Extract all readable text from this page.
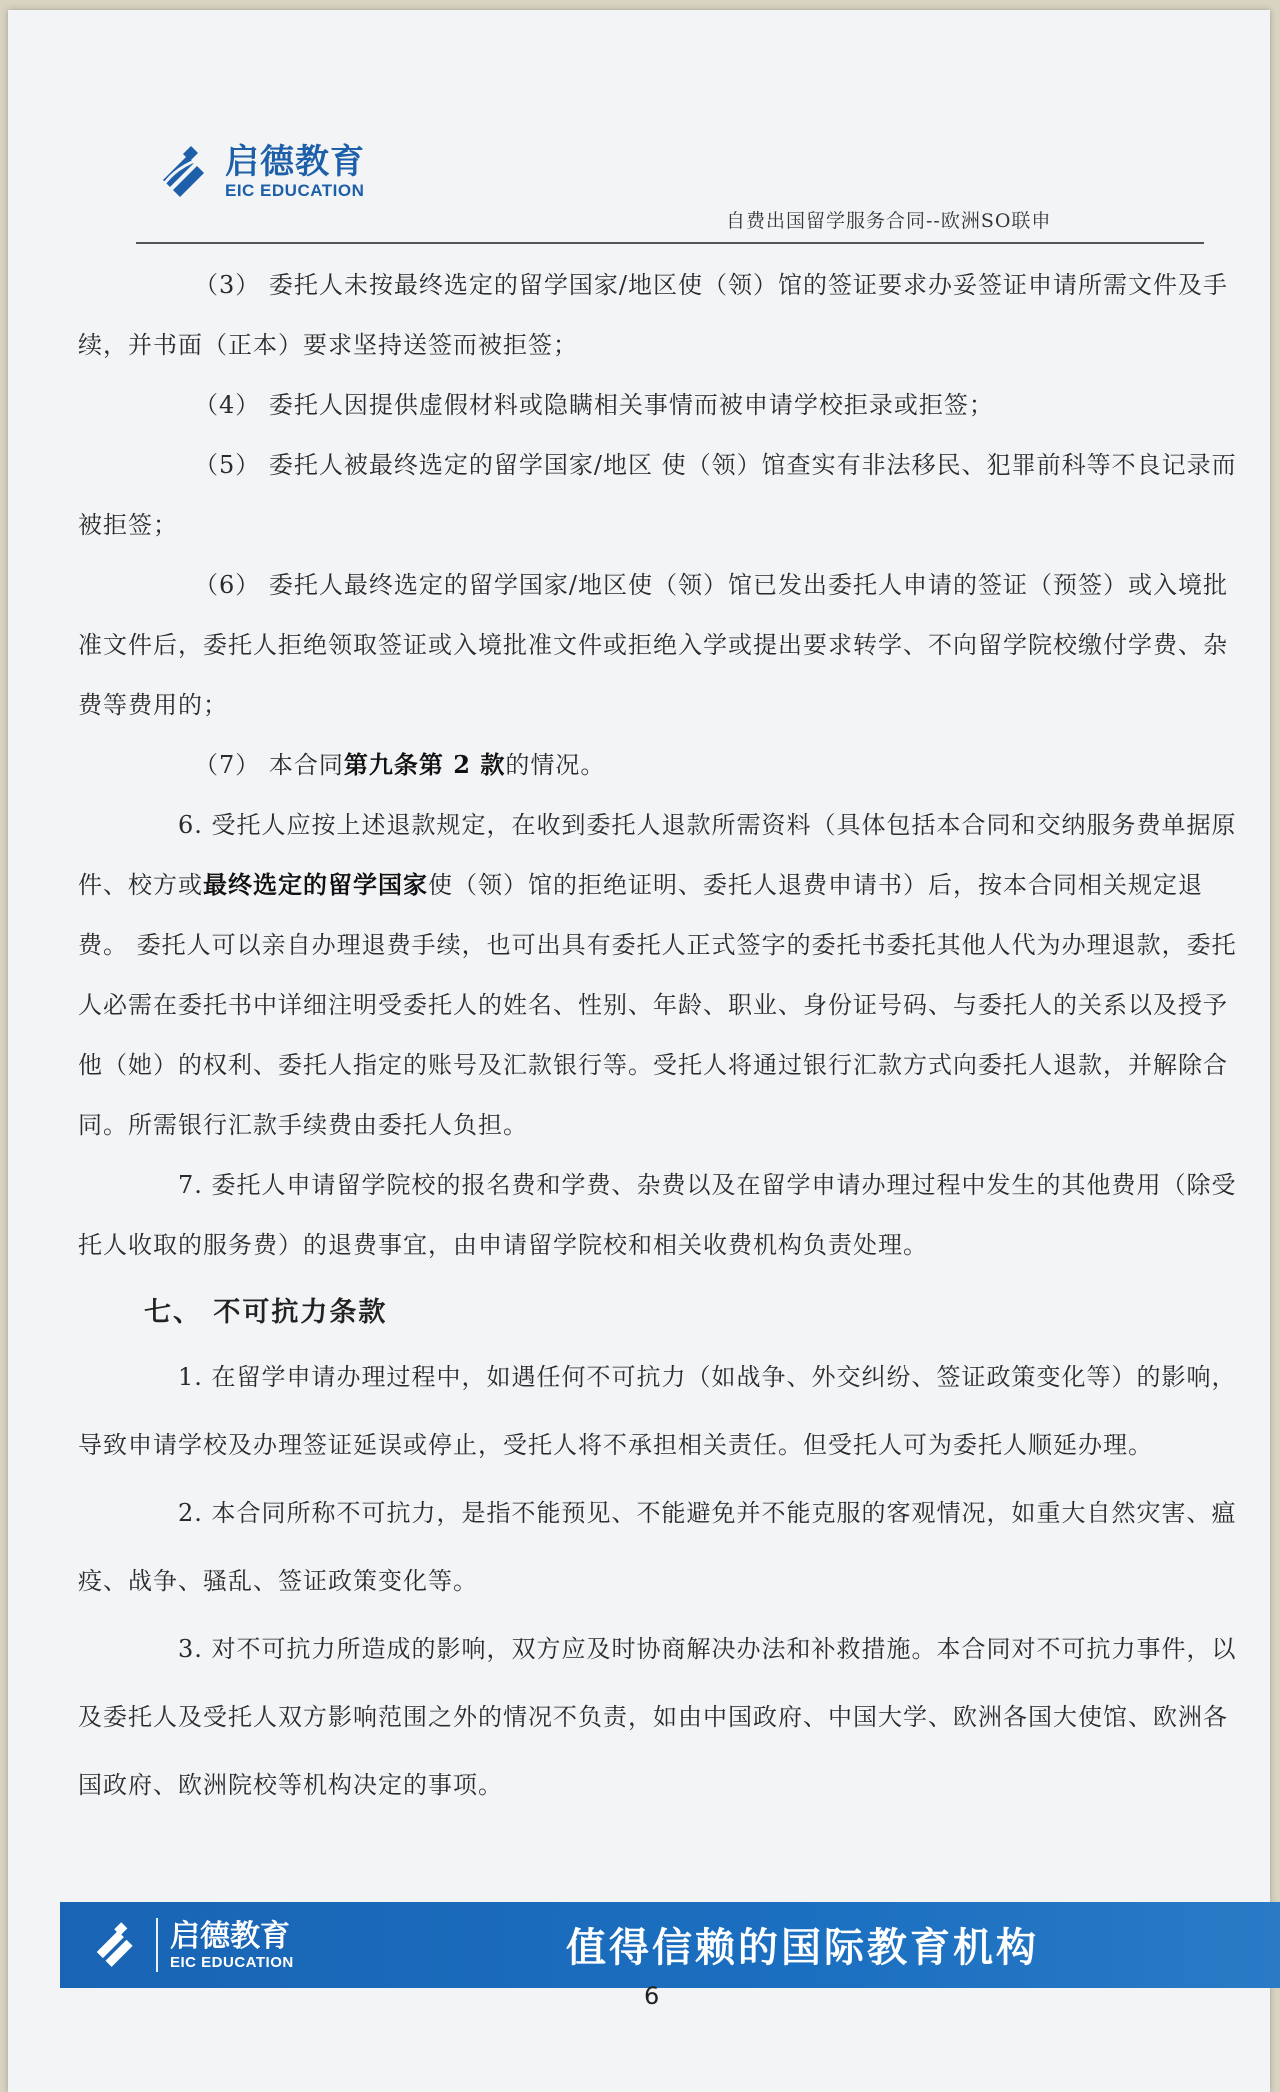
启德教育
EIC EDUCATION
自费出国留学服务合同--欧洲SO联申

（3） 委托人未按最终选定的留学国家/地区使（领）馆的签证要求办妥签证申请所需文件及手续，并书面（正本）要求坚持送签而被拒签；

（4） 委托人因提供虚假材料或隐瞒相关事情而被申请学校拒录或拒签；

（5） 委托人被最终选定的留学国家/地区 使（领）馆查实有非法移民、犯罪前科等不良记录而被拒签；

（6） 委托人最终选定的留学国家/地区使（领）馆已发出委托人申请的签证（预签）或入境批准文件后，委托人拒绝领取签证或入境批准文件或拒绝入学或提出要求转学、不向留学院校缴付学费、杂费等费用的；

（7） 本合同第九条第 2 款的情况。

6. 受托人应按上述退款规定，在收到委托人退款所需资料（具体包括本合同和交纳服务费单据原件、校方或最终选定的留学国家使（领）馆的拒绝证明、委托人退费申请书）后，按本合同相关规定退费。 委托人可以亲自办理退费手续，也可出具有委托人正式签字的委托书委托其他人代为办理退款，委托人必需在委托书中详细注明受委托人的姓名、性别、年龄、职业、身份证号码、与委托人的关系以及授予他（她）的权利、委托人指定的账号及汇款银行等。受托人将通过银行汇款方式向委托人退款，并解除合同。所需银行汇款手续费由委托人负担。

7. 委托人申请留学院校的报名费和学费、杂费以及在留学申请办理过程中发生的其他费用（除受托人收取的服务费）的退费事宜，由申请留学院校和相关收费机构负责处理。

七、 不可抗力条款

1. 在留学申请办理过程中，如遇任何不可抗力（如战争、外交纠纷、签证政策变化等）的影响，导致申请学校及办理签证延误或停止，受托人将不承担相关责任。但受托人可为委托人顺延办理。

2. 本合同所称不可抗力，是指不能预见、不能避免并不能克服的客观情况，如重大自然灾害、瘟疫、战争、骚乱、签证政策变化等。

3. 对不可抗力所造成的影响，双方应及时协商解决办法和补救措施。本合同对不可抗力事件，以及委托人及受托人双方影响范围之外的情况不负责，如由中国政府、中国大学、欧洲各国大使馆、欧洲各国政府、欧洲院校等机构决定的事项。

启德教育
EIC EDUCATION	值得信赖的国际教育机构
6
